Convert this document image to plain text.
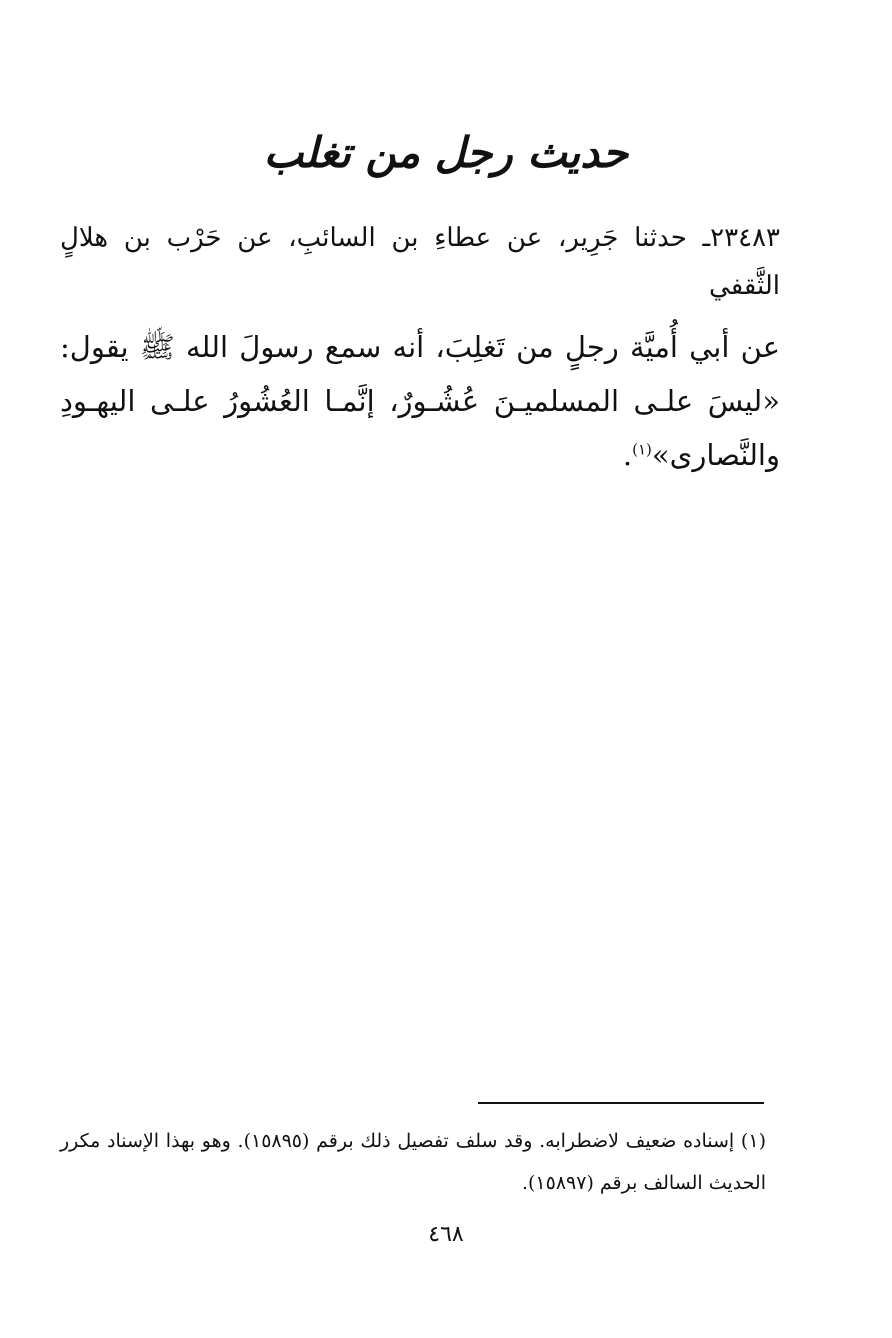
حديث رجل من تغلب

٢٣٤٨٣ـ حدثنا جَرِير، عن عطاءِ بن السائبِ، عن حَرْب بن هلالٍ الثَّقفي

عن أبي أُميَّة رجلٍ من تَغلِبَ، أنه سمع رسولَ الله ﷺ يقول: «ليسَ علـى المسلميـنَ عُشُـورٌ، إنَّمـا العُشُورُ علـى اليهـودِ والنَّصارى»$^{(١)}$.

(١) إسناده ضعيف لاضطرابه. وقد سلف تفصيل ذلك برقم (١٥٨٩٥). وهو بهذا الإسناد مكرر الحديث السالف برقم (١٥٨٩٧).

٤٦٨
